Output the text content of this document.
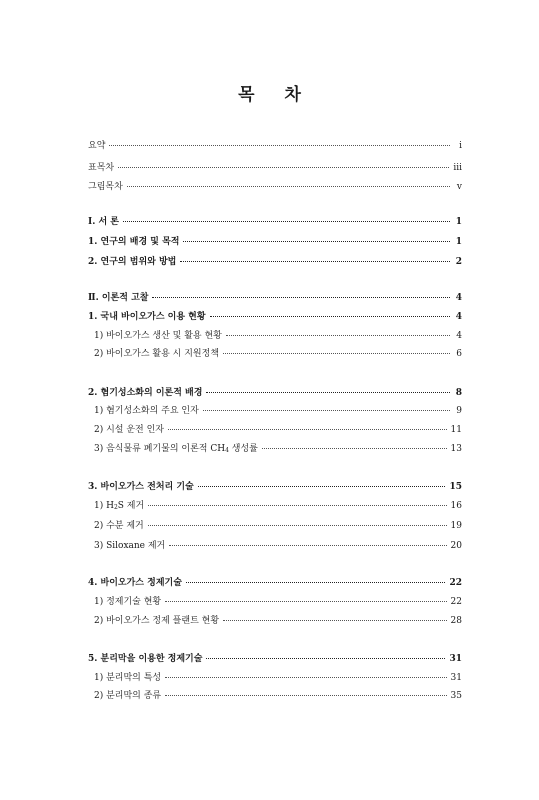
목 차
요약	i
표목차	iii
그림목차	v
Ⅰ. 서 론	1
1. 연구의 배경 및 목적	1
2. 연구의 범위와 방법	2
Ⅱ. 이론적 고찰	4
1. 국내 바이오가스 이용 현황	4
1) 바이오가스 생산 및 활용 현황	4
2) 바이오가스 활용 시 지원정책	6
2. 혐기성소화의 이론적 배경	8
1) 혐기성소화의 주요 인자	9
2) 시설 운전 인자	11
3) 음식물류 폐기물의 이론적 $CH_4$ 생성률	13
3. 바이오가스 전처리 기술	15
1) $H_2S$ 제거	16
2) 수분 제거	19
3) Siloxane 제거	20
4. 바이오가스 정제기술	22
1) 정제기술 현황	22
2) 바이오가스 정제 플랜트 현황	28
5. 분리막을 이용한 정제기술	31
1) 분리막의 특성	31
2) 분리막의 종류	35
